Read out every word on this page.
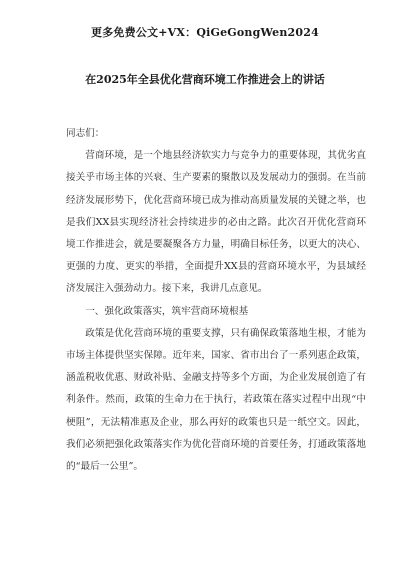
更多免费公文+VX：QiGeGongWen2024
在2025年全县优化营商环境工作推进会上的讲话

同志们：

营商环境，是一个地县经济软实力与竞争力的重要体现，其优劣直接关乎市场主体的兴衰、生产要素的聚散以及发展动力的强弱。在当前经济发展形势下，优化营商环境已成为推动高质量发展的关键之举，也是我们XX县实现经济社会持续进步的必由之路。此次召开优化营商环境工作推进会，就是要凝聚各方力量，明确目标任务，以更大的决心、更强的力度、更实的举措，全面提升XX县的营商环境水平，为县域经济发展注入强劲动力。接下来，我讲几点意见。

一、强化政策落实，筑牢营商环境根基

政策是优化营商环境的重要支撑，只有确保政策落地生根，才能为市场主体提供坚实保障。近年来，国家、省市出台了一系列惠企政策，涵盖税收优惠、财政补贴、金融支持等多个方面，为企业发展创造了有利条件。然而，政策的生命力在于执行，若政策在落实过程中出现“中梗阻”，无法精准惠及企业，那么再好的政策也只是一纸空文。因此，我们必须把强化政策落实作为优化营商环境的首要任务，打通政策落地的“最后一公里”。
